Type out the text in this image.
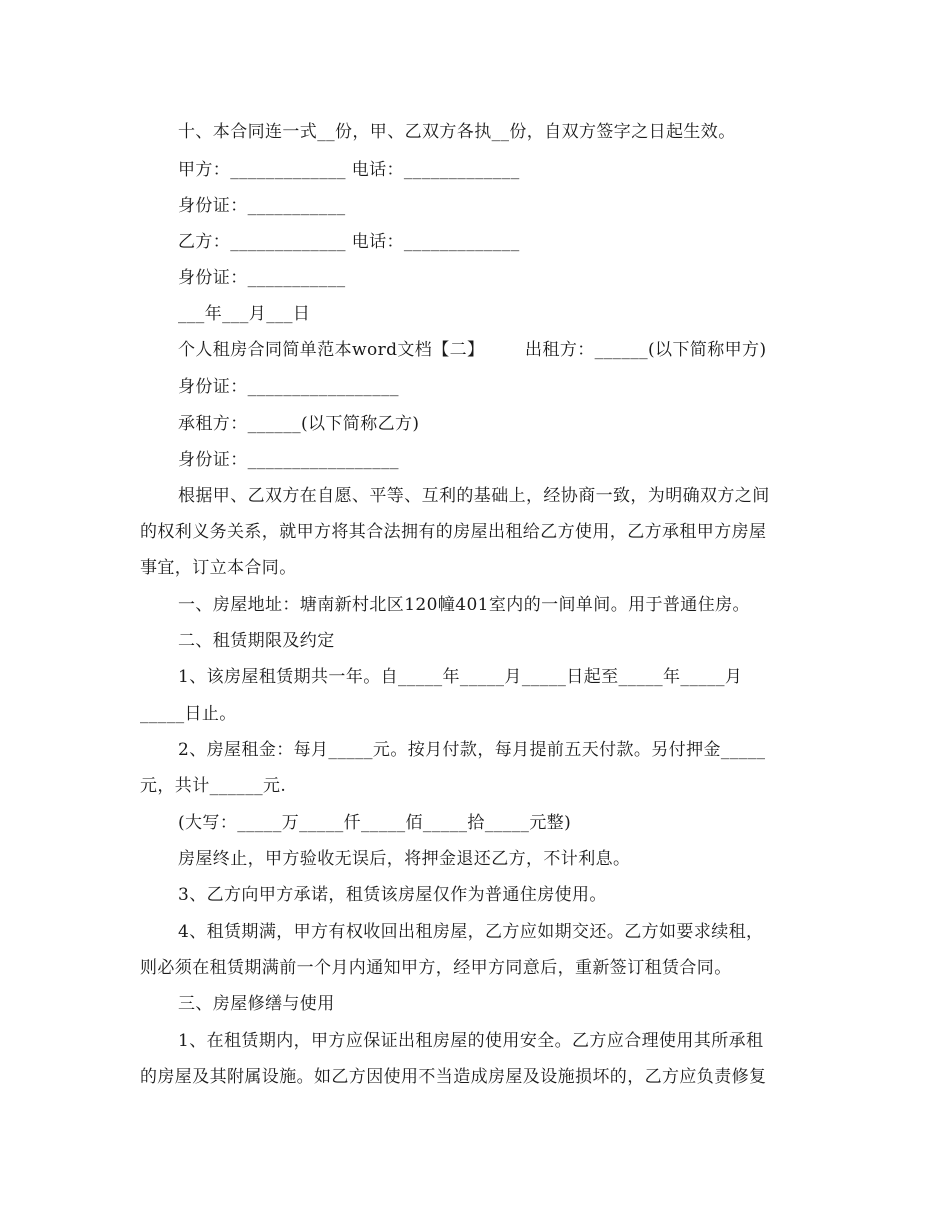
十、本合同连一式__份，甲、乙双方各执__份，自双方签字之日起生效。
甲方：_____________ 电话：_____________
身份证：___________
乙方：_____________ 电话：_____________
身份证：___________
___年___月___日
个人租房合同简单范本word文档【二】       出租方：______(以下简称甲方)
身份证：_________________
承租方：______(以下简称乙方)
身份证：_________________
根据甲、乙双方在自愿、平等、互利的基础上，经协商一致，为明确双方之间
的权利义务关系，就甲方将其合法拥有的房屋出租给乙方使用，乙方承租甲方房屋
事宜，订立本合同。
一、房屋地址：塘南新村北区120幢401室内的一间单间。用于普通住房。
二、租赁期限及约定
1、该房屋租赁期共一年。自_____年_____月_____日起至_____年_____月
_____日止。
2、房屋租金：每月_____元。按月付款，每月提前五天付款。另付押金_____
元，共计______元.
(大写：_____万_____仟_____佰_____拾_____元整)
房屋终止，甲方验收无误后，将押金退还乙方，不计利息。
3、乙方向甲方承诺，租赁该房屋仅作为普通住房使用。
4、租赁期满，甲方有权收回出租房屋，乙方应如期交还。乙方如要求续租，
则必须在租赁期满前一个月内通知甲方，经甲方同意后，重新签订租赁合同。
三、房屋修缮与使用
1、在租赁期内，甲方应保证出租房屋的使用安全。乙方应合理使用其所承租
的房屋及其附属设施。如乙方因使用不当造成房屋及设施损坏的，乙方应负责修复
